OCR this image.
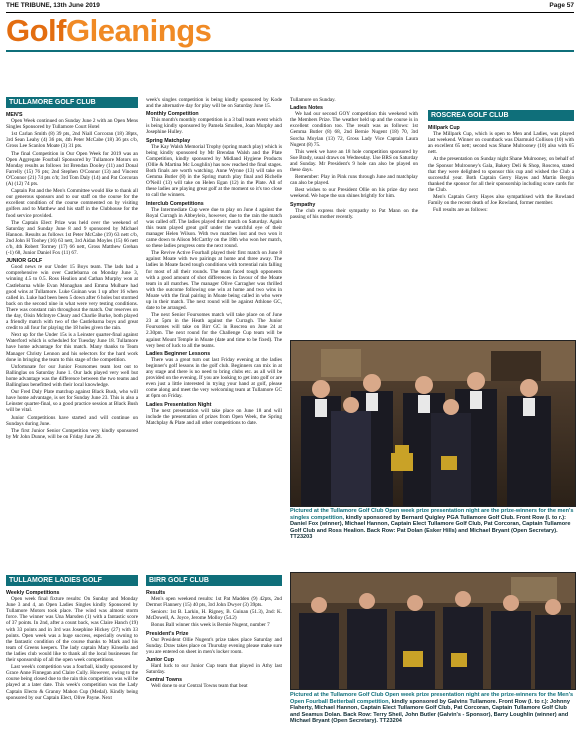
THE TRIBUNE, 13th June 2019	Page 57
GolfGleanings
TULLAMORE GOLF CLUB
MEN'S

Open Week continued on Sunday June 2 with an Open Mens Singles Sponsored by Tullamore Court Hotel

1st Carlan Smith (8) 39 pts, 2nd Niall Corcoran (18) 38pts, 3rd Sean Leahy (4) 36 pts, 4th Peter McCabe (18) 36 pts c/b, Gross Lee Scanlon Moate (3) 31 pts.

The final Competition in Our Open Week for 2019 was an Open Aggregate Fourball Sponsored by Tullamore Motors on Monday results as follows 1st Brendan Dooley (11) and Donal Farrelly (15) 76 pts; 2nd Stephen O'Connor (13) and Vincent O'Connor (21) 74 pts c/b; 3rd Tom Daly (14) and Pat Corcoran (A) (12) 74 pts.

Captain Pat and the Men's Committee would like to thank all our generous sponsors and to our staff on the course for the excellent condition of the course commented on by visiting golfers and to Matthew and his staff in the Clubhouse for the food service provided.

The Captain Elect Prize was held over the weekend of Saturday and Sunday June 8 and 9 sponsored by Michael Hannon. Results as follows 1st Peter McCabe (19) 63 nett c/b, 2nd John H Toohey (16) 63 nett, 3rd Aidan Moyles (15) 66 nett c/b, 4th Robert Tormey (17) 66 nett, Gross Matthew Grehan (-1) 68, Junior Daniel Fox (11) 67.

JUNIOR GOLF

Good news re our Under 15 Boys team. The lads had a comprehensive win over Castlebarna on Monday June 3, winning 4.5 to 0.5. Ross Healion and Cathan Murphy won at Castlebarna while Evan Monaghan and Emma Mulhare had good wins at Tullamore. Luke Guinan was 1 up after 16 when called in. Luke had been been 5 down after 6 holes but stormed back on the second nine in what were very testing conditions. There was constant rain throughout the match. Our reserves on the day, Oisin McIntyre Cleary and Charlie Burke, both played a friendly match with two of the Castlebarna boys and great credit to all four for playing the 18 holes given the rain.

Next up for the Under 15s is a Leinster quarter-final against Waterford which is scheduled for Tuesday June 18. Tullamore have home advantage for this match. Many thanks to Team Manager Christy Lennon and his selectors for the hard work done in bringing the team to this stage of the competition.

Unfortunate for our Junior Foursomes team lost out to Ballinglas on Saturday June 1. Our lads played very well but home advantage was the difference between the two teams and Ballinglass benefitted with their local knowledge.

Our Fred Daly Plate matchup against Black Bush, who will have home advantage, is set for Sunday June 23. This is also a Leinster quarter-final, so a good practice session at Black Bush will be vital.

Junior Competitions have started and will continue on Sundays during June.

The first Junior Senior Competition very kindly sponsored by Mr John Dunne, will be on Friday June 28.

week's singles competition is being kindly sponsored by Kode and the alternative day for play will be on Saturday June 15.

Monthly Competition

This month's monthly competition is a 3 ball team event which is being kindly sponsored by Pamela Smullen, Joan Murphy and Josephine Hulley.

Spring Matchplay

The Kay Walsh Memorial Trophy (spring match play) which is being kindly sponsored by Mr Brendan Walsh and the Plate Competition, kindly sponsored by Midland Hygiene Products (Ollie & Martina Mc Loughlin) has now reached the final stages. Both finals are worth watching. Anne Wynne (13) will take on Gemma Butler (8) in the Spring match play final and Richelle O'Neill (13) will take on Helen Egan (12) in the Plate. All of these ladies are playing great golf at the moment so it's too close to call the winners.

Interclub Competitions

The Intermediate Cup were due to play on June 4 against the Royal Curragh in Abbeyleix, however, due to the rain the match was called off. The ladies played their match on Saturday. Again this team played great golf under the watchful eye of their manager Helen Wilson. With two matches lost and two won it came down to Alison McCarthy on the 18th who won her match, so these ladies progress onto the next round.

The Revive Active Fourball played their first match on June 8 against Moate with two pairings at home and three away. The ladies in Moate faced tough conditions with torrential rain falling for most of all their rounds. The team faced tough opponents with a good amount of shot differences in favour of the Moate team in all matches. The manager Olive Carragher was thrilled with the outcome following one win at home and two wins in Moate with the final pairing in Moate being called in who were up in their match. The next round will be against Athlone GC, date to be arranged.

The next Senior Foursomes match will take place on of June 23 at 5pm in the Heath against the Curragh. The Junior Foursomes will take on Birr GC in Roscrea on June 24 at 2.30pm. The next round for the Challenge Cup team will be against Mount Temple in Moate (date and time to be fixed). The very best of luck to all the teams.

Ladies Beginner Lessons

There was a great turn out last Friday evening at the ladies beginner's golf lessons in the golf club. Beginners can mix in at any stage and there is no need to bring clubs etc. as all will be provided on the evening. If you are looking to get into golf or are even just a little interested in trying your hand at golf, please come along and meet the very welcoming team at Tullamore GC at 6pm on Friday.

Ladies Presentation Night

The next presentation will take place on June 18 and will include the presentation of prizes from Open Week, the Spring Matchplay & Plate and all other competitions to date.

Tullamore on Sunday.

Ladies Notes

We had our second GOY competition this weekend with the Members Prize. The weather held up and the course is in excellent condition too. The result was as follows: 1st Gemma Butler (8) 68, 2nd Bernie Nugent (18) 70, 3rd Sorcha Moylan (13) 72, Gross Lady Vice Captain Laura Nugent (8) 75.

This week we have an 18 hole competition sponsored by Sue Brady, usual draws on Wednesday. Use BRS on Saturday and Sunday. Mr President's 9 hole can also be played on these days.

Remember: Play in Pink runs through June and matchplay can also be played.

Best wishes to our President Ollie on his prize day next weekend. We hope the sun shines brightly for him.

Sympathy

The club express their sympathy to Pat Mann on the passing of his mother recently.

ROSCREA GOLF CLUB
Millpark Cup

The Millpark Cup, which is open to Men and Ladies, was played last weekend. Winner on countback was Diarmuid Collison (10) with an excellent 65 nett; second was Shane Mulrooney (10) also with 65 nett.

At the presentation on Sunday night Shane Mulrooney, on behalf of the Sponsor Mulrooney's Gala, Bakery Deli & Shop, Roscrea, stated that they were delighted to sponsor this cup and wished the Club a successful year. Both Captain Gerry Hayes and Martin Bergin thanked the sponsor for all their sponsorship including score cards for the Club.

Men's Captain Gerry Hayes also sympathised with the Rowland Family on the recent death of Joe Rowland, former member.

Full results are as follows:

Pictured at the Tullamore Golf Club Open week prize presentation night are the prize-winners for the men's singles competition, kindly sponsored by Bernard Quigley PGA Tullamore Golf Club. Front Row (l. to r.): Daniel Fox (winner), Michael Hannon, Captain Elect Tullamore Golf Club, Pat Corcoran, Captain Tullamore Golf Club and Ross Healion. Back Row: Pat Dolan (Esker Hills) and Michael Bryant (Open Secretary). TT23203
TULLAMORE LADIES GOLF
Weekly Competitions

Open week final fixture results: On Sunday and Monday June 3 and 4, an Open Ladies Singles kindly Sponsored by Tullamore Motors took place. The wind was almost storm force. The winner was Una Marsden (1) with a fantastic score of 37 points. In 2nd, after a count back, was Claire Hanch (19) with 33 points and in 3rd was Josephine Hickey (27) with 33 points. Open week was a huge success, especially owning to the fantastic condition of the course thanks to Mark and his team of Greens keepers. The lady captain Mary Kinsella and the ladies club would like to thank all the local businesses for their sponsorship of all the open week competitions.

Last week's competition was a fourball, kindly sponsored by Grace Anne Finnegan and Claire Cully. However, owing to the course being closed due to the rain this competition was will be played at a later date. This week's competition was the Lady Captain Electo & Granny Mahon Cup (Medal). Kindly being sponsored by our Captain Elect, Olive Payne. Next

BIRR GOLF CLUB
Results

Men's open weekend results: 1st Pat Madden (9) 42pts, 2nd Dermot Flannery (15) 40 pts, 3rd John Dwyer (3) 39pts.

Seniors: 1st B. Larkin, H. Rigney, B. Guinan (51.3), 2nd: K. McDowell, A. Joyce, Jerome Molloy (54.2)

Bonus Ball winner this week is Bernie Nugent, number 7

President's Prize

Our President Ollie Nugent's prize takes place Saturday and Sunday. Draw takes place on Thursday evening please make sure you are entered on sheet in men's locker room.

Junior Cup

Hard luck to our Junior Cup team that played in Athy last Saturday.

Central Towns

Well done to our Central Towns team that beat

Pictured at the Tullamore Golf Club Open week prize presentation night are the prize-winners for the Men's Open Fourball Betterball competition, kindly sponsored by Galvins Tullamore. Front Row (l. to r.): Johnny Flaherty, Michael Hannon, Captain Elect Tullamore Golf Club, Pat Corcoran, Captain Tullamore Golf Club and Seamus Dolan. Back Row: Terry Sheil, John Butler (Galvin's - Sponsor), Barry Loughlin (winner) and Michael Bryant (Open Secretary). TT23204
